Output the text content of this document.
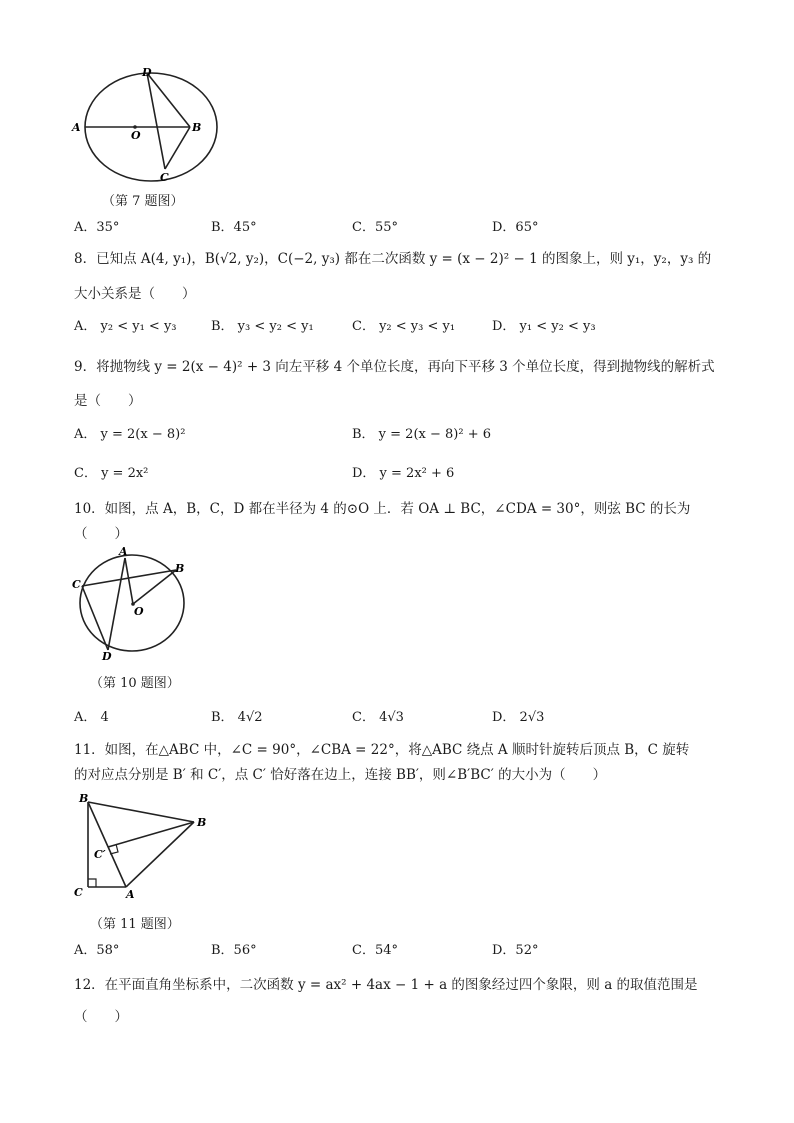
D
A
O
B
C
（第 7 题图）
A．35°	B．45°	C．55°	D．65°
8．已知点 A(4, y₁)，B(√2, y₂)，C(−2, y₃) 都在二次函数 y = (x − 2)² − 1 的图象上，则 y₁，y₂，y₃ 的
大小关系是（　　）
A． y₂ < y₁ < y₃	B． y₃ < y₂ < y₁	C． y₂ < y₃ < y₁	D． y₁ < y₂ < y₃
9．将抛物线 y = 2(x − 4)² + 3 向左平移 4 个单位长度，再向下平移 3 个单位长度，得到抛物线的解析式
是（　　）
A． y = 2(x − 8)²	B． y = 2(x − 8)² + 6
C． y = 2x²	D． y = 2x² + 6
10．如图，点 A，B，C，D 都在半径为 4 的⊙O 上．若 OA ⊥ BC，∠CDA = 30°，则弦 BC 的长为
（　　）
A
B
C
O
D
（第 10 题图）
A． 4	B． 4√2	C． 4√3	D． 2√3
11．如图，在△ABC 中，∠C = 90°，∠CBA = 22°，将△ABC 绕点 A 顺时针旋转后顶点 B，C 旋转
的对应点分别是 B′ 和 C′，点 C′ 恰好落在边上，连接 BB′，则∠B′BC′ 的大小为（　　）
B
B
C′
C	A
（第 11 题图）
A．58°	B．56°	C．54°	D．52°
12．在平面直角坐标系中，二次函数 y = ax² + 4ax − 1 + a 的图象经过四个象限，则 a 的取值范围是
（　　）
